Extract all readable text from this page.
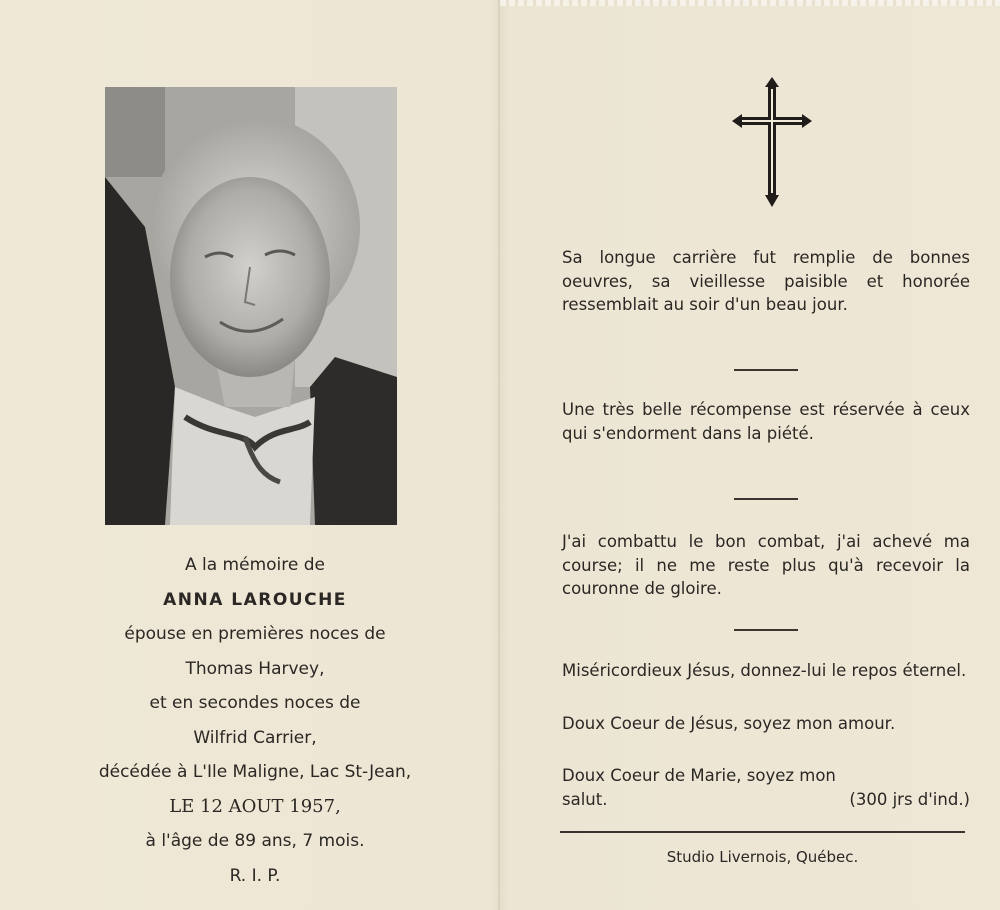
A la mémoire de
ANNA LAROUCHE
épouse en premières noces de
Thomas Harvey,
et en secondes noces de
Wilfrid Carrier,
décédée à L'Ile Maligne, Lac St-Jean,
LE 12 AOUT 1957,
à l'âge de 89 ans, 7 mois.
R. I. P.
Sa longue carrière fut remplie de bonnes oeuvres, sa vieillesse paisible et honorée ressemblait au soir d'un beau jour.
Une très belle récompense est réservée à ceux qui s'endorment dans la piété.
J'ai combattu le bon combat, j'ai achevé ma course; il ne me reste plus qu'à recevoir la couronne de gloire.
Miséricordieux Jésus, donnez-lui le repos éternel.
Doux Coeur de Jésus, soyez mon amour.
Doux Coeur de Marie, soyez mon
salut.	(300 jrs d'ind.)
Studio Livernois, Québec.
